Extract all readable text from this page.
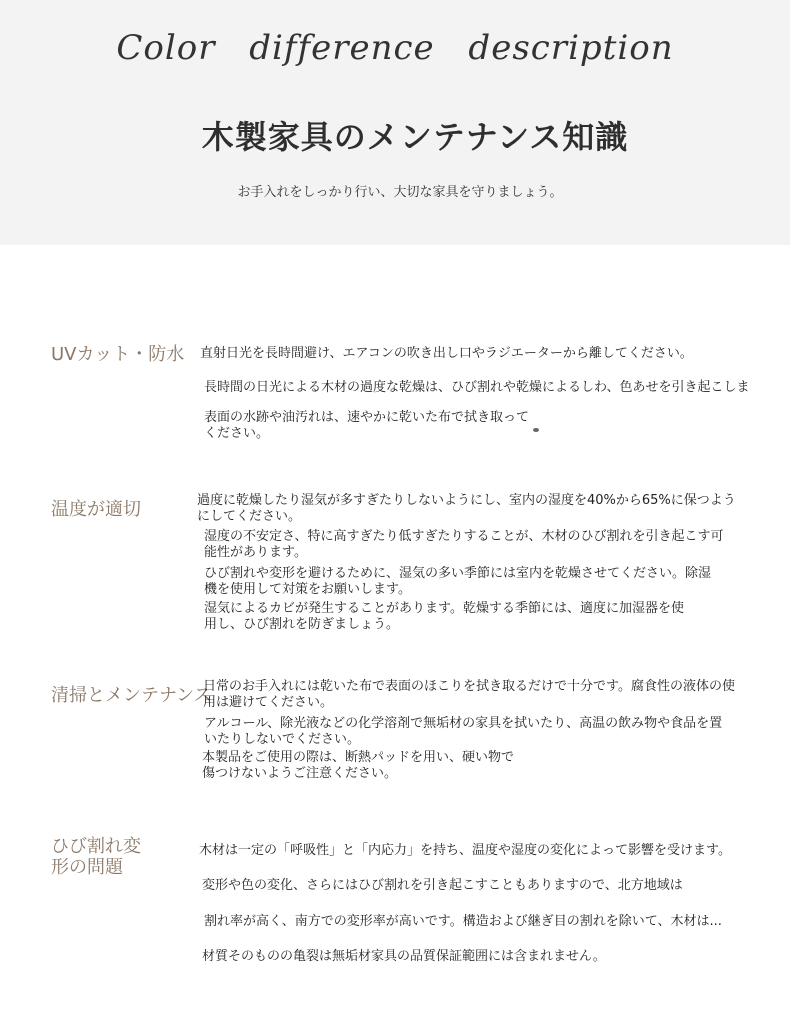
Color difference description
木製家具のメンテナンス知識
お手入れをしっかり行い、大切な家具を守りましょう。
UVカット・防水 直射日光を長時間避け、エアコンの吹き出し口やラジエーターから離してください。
長時間の日光による木材の過度な乾燥は、ひび割れや乾燥によるしわ、色あせを引き起こしま
表面の水跡や油汚れは、速やかに乾いた布で拭き取ってください。
温度が適切	過度に乾燥したり湿気が多すぎたりしないようにし、室内の湿度を40%から65%に保つようにしてください。
湿度の不安定さ、特に高すぎたり低すぎたりすることが、木材のひび割れを引き起こす可能性があります。
ひび割れや変形を避けるために、湿気の多い季節には室内を乾燥させてください。除湿機を使用して対策をお願いします。
湿気によるカビが発生することがあります。乾燥する季節には、適度に加湿器を使用し、ひび割れを防ぎましょう。
清掃とメンテナンス
日常のお手入れには乾いた布で表面のほこりを拭き取るだけで十分です。腐食性の液体の使用は避けてください。
アルコール、除光液などの化学溶剤で無垢材の家具を拭いたり、高温の飲み物や食品を置いたりしないでください。
本製品をご使用の際は、断熱パッドを用い、硬い物で傷つけないようご注意ください。
ひび割れ変形の問題
木材は一定の「呼吸性」と「内応力」を持ち、温度や湿度の変化によって影響を受けます。
変形や色の変化、さらにはひび割れを引き起こすこともありますので、北方地域は
割れ率が高く、南方での変形率が高いです。構造および継ぎ目の割れを除いて、木材は...
材質そのものの亀裂は無垢材家具の品質保証範囲には含まれません。
